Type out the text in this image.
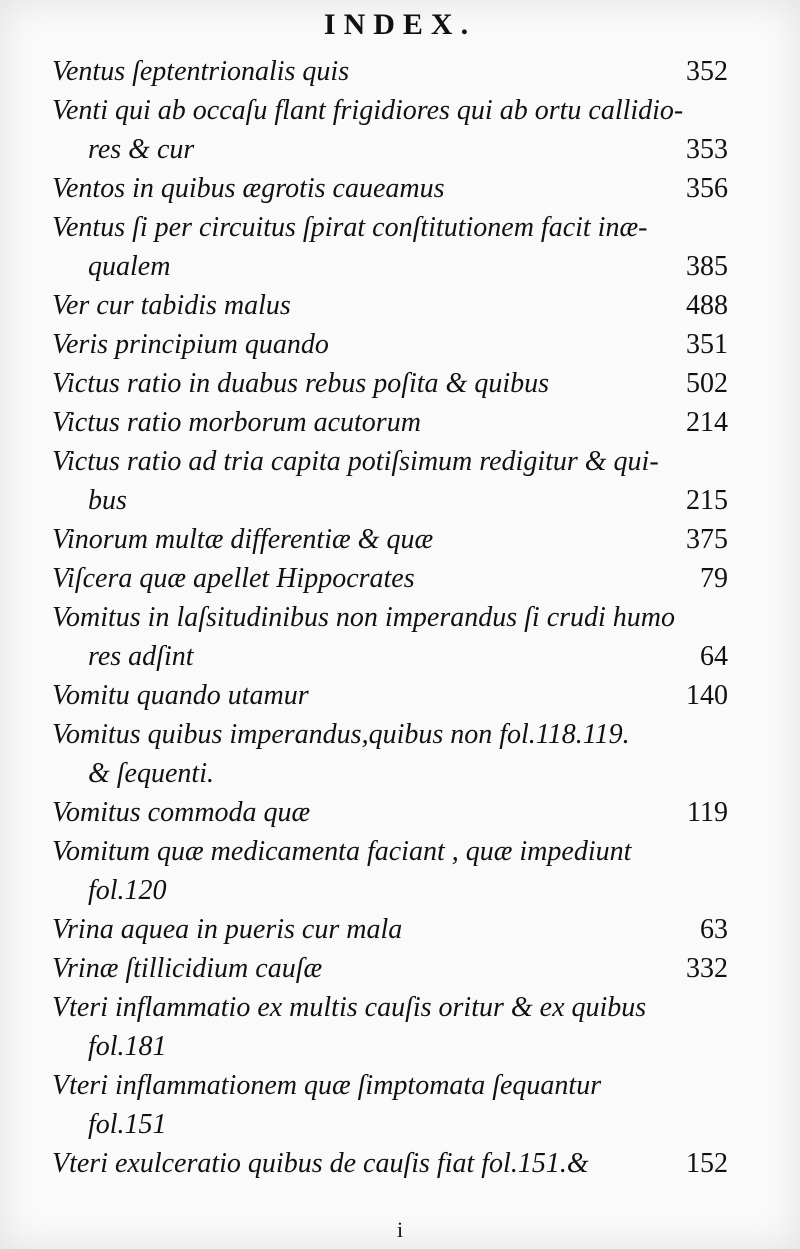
INDEX.
Ventus ſeptentrionalis quis	352
Venti qui ab occaſu flant frigidiores qui ab ortu callidio-
res & cur	353
Ventos in quibus ægrotis caueamus	356
Ventus ſi per circuitus ſpirat conſtitutionem facit inæ-
qualem	385
Ver cur tabidis malus	488
Veris principium quando	351
Victus ratio in duabus rebus poſita & quibus	502
Victus ratio morborum acutorum	214
Victus ratio ad tria capita potiſsimum redigitur & qui-
bus	215
Vinorum multæ differentiæ & quæ	375
Viſcera quæ apellet Hippocrates	79
Vomitus in laſsitudinibus non imperandus ſi crudi humo
res adſint	64
Vomitu quando utamur	140
Vomitus quibus imperandus,quibus non fol.118.119.
& ſequenti.
Vomitus commoda quæ	119
Vomitum quæ medicamenta faciant , quæ impediunt
fol.120
Vrina aquea in pueris cur mala	63
Vrinæ ſtillicidium cauſæ	332
Vteri inflammatio ex multis cauſis oritur & ex quibus
fol.181
Vteri inflammationem quæ ſimptomata ſequantur
fol.151
Vteri exulceratio quibus de cauſis fiat fol.151.&	152
i
